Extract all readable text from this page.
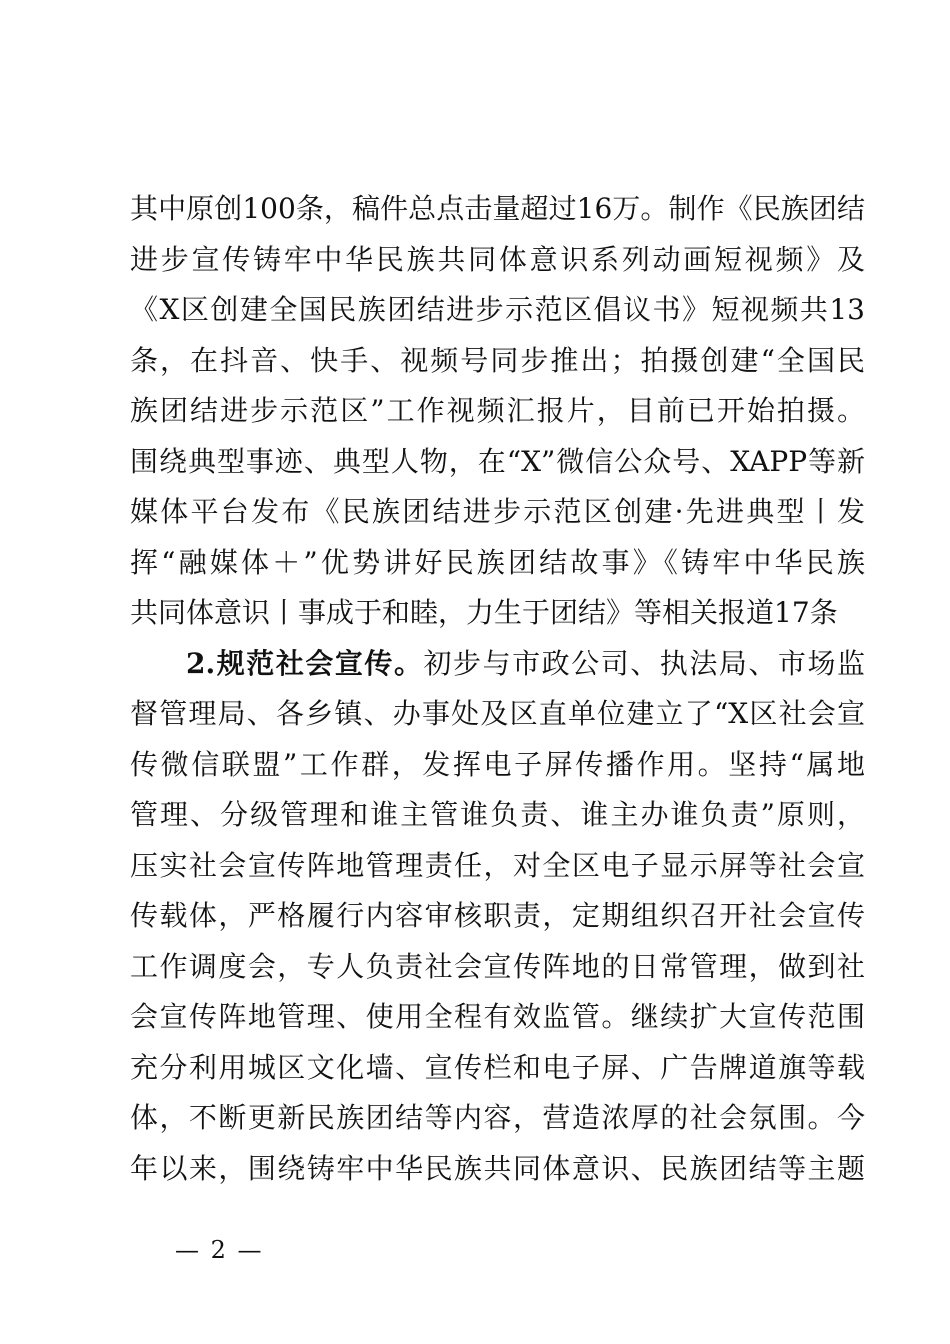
其中原创100条，稿件总点击量超过16万。制作《民族团结
进步宣传铸牢中华民族共同体意识系列动画短视频》及
《X区创建全国民族团结进步示范区倡议书》短视频共13
条，在抖音、快手、视频号同步推出；拍摄创建“全国民
族团结进步示范区”工作视频汇报片，目前已开始拍摄。
围绕典型事迹、典型人物，在“X”微信公众号、XAPP等新
媒体平台发布《民族团结进步示范区创建·先进典型丨发
挥“融媒体＋”优势讲好民族团结故事》《铸牢中华民族
共同体意识丨事成于和睦，力生于团结》等相关报道17条
2.规范社会宣传。初步与市政公司、执法局、市场监
督管理局、各乡镇、办事处及区直单位建立了“X区社会宣
传微信联盟”工作群，发挥电子屏传播作用。坚持“属地
管理、分级管理和谁主管谁负责、谁主办谁负责”原则，
压实社会宣传阵地管理责任，对全区电子显示屏等社会宣
传载体，严格履行内容审核职责，定期组织召开社会宣传
工作调度会，专人负责社会宣传阵地的日常管理，做到社
会宣传阵地管理、使用全程有效监管。继续扩大宣传范围
充分利用城区文化墙、宣传栏和电子屏、广告牌道旗等载
体，不断更新民族团结等内容，营造浓厚的社会氛围。今
年以来，围绕铸牢中华民族共同体意识、民族团结等主题
— 2 —
